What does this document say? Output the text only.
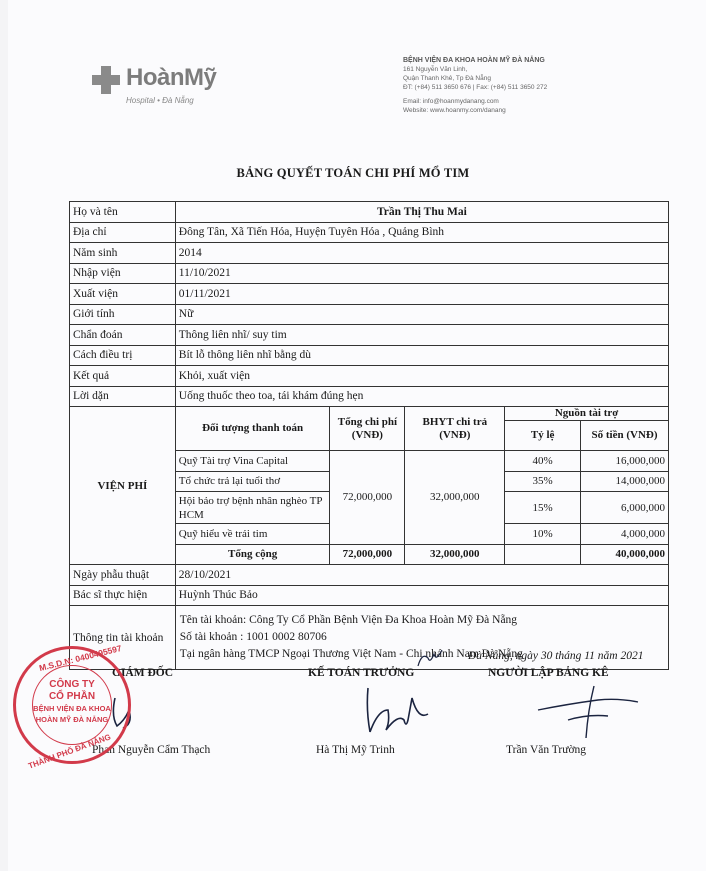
HoànMỹ
Hospital • Đà Nẵng
BỆNH VIỆN ĐA KHOA HOÀN MỸ ĐÀ NẴNG
161 Nguyễn Văn Linh,
Quận Thanh Khê, Tp Đà Nẵng
ĐT: (+84) 511 3650 676 | Fax: (+84) 511 3650 272
Email: info@hoanmydanang.com
Website: www.hoanmy.com/danang
BẢNG QUYẾT TOÁN CHI PHÍ MỔ TIM
Họ và tên	Trần Thị Thu Mai				
Địa chỉ	Đông Tân, Xã Tiến Hóa, Huyện Tuyên Hóa , Quảng Bình				
Năm sinh	2014				
Nhập viện	11/10/2021				
Xuất viện	01/11/2021				
Giới tính	Nữ				
Chẩn đoán	Thông liên nhĩ/ suy tim				
Cách điều trị	Bít lỗ thông liên nhĩ bằng dù				
Kết quả	Khỏi, xuất viện				
Lời dặn	Uống thuốc theo toa, tái khám đúng hẹn				
VIỆN PHÍ	Đối tượng thanh toán	Tổng chi phí (VNĐ)	BHYT chi trả (VNĐ)	Nguồn tài trợ	
				Tỷ lệ	Số tiền (VNĐ)
	Quỹ Tài trợ Vina Capital	72,000,000	32,000,000	40%	16,000,000
	Tổ chức trả lại tuổi thơ			35%	14,000,000
	Hội bảo trợ bệnh nhân nghèo TP HCM			15%	6,000,000
	Quỹ hiểu về trái tim			10%	4,000,000
	Tổng cộng	72,000,000	32,000,000		40,000,000
Ngày phẫu thuật	28/10/2021				
Bác sĩ thực hiện	Huỳnh Thúc Bảo				
Thông tin tài khoản	Tên tài khoản: Công Ty Cổ Phần Bệnh Viện Đa Khoa Hoàn Mỹ Đà Nẵng
Số tài khoản : 1001 0002 80706
Tại ngân hàng TMCP Ngoại Thương Việt Nam - Chi nhánh Nam Đà Nẵng				
Đà Nẵng, ngày 30 tháng 11 năm 2021
GIÁM ĐỐC	KẾ TOÁN TRƯỞNG	NGƯỜI LẬP BẢNG KÊ
Phan Nguyễn Cẩm Thạch	Hà Thị Mỹ Trinh	Trần Văn Trường
M.S.D.N: 0400495597
CÔNG TY
CỔ PHẦN
BỆNH VIỆN ĐA KHOA
HOÀN MỸ ĐÀ NẴNG
THÀNH PHỐ ĐÀ NẴNG
